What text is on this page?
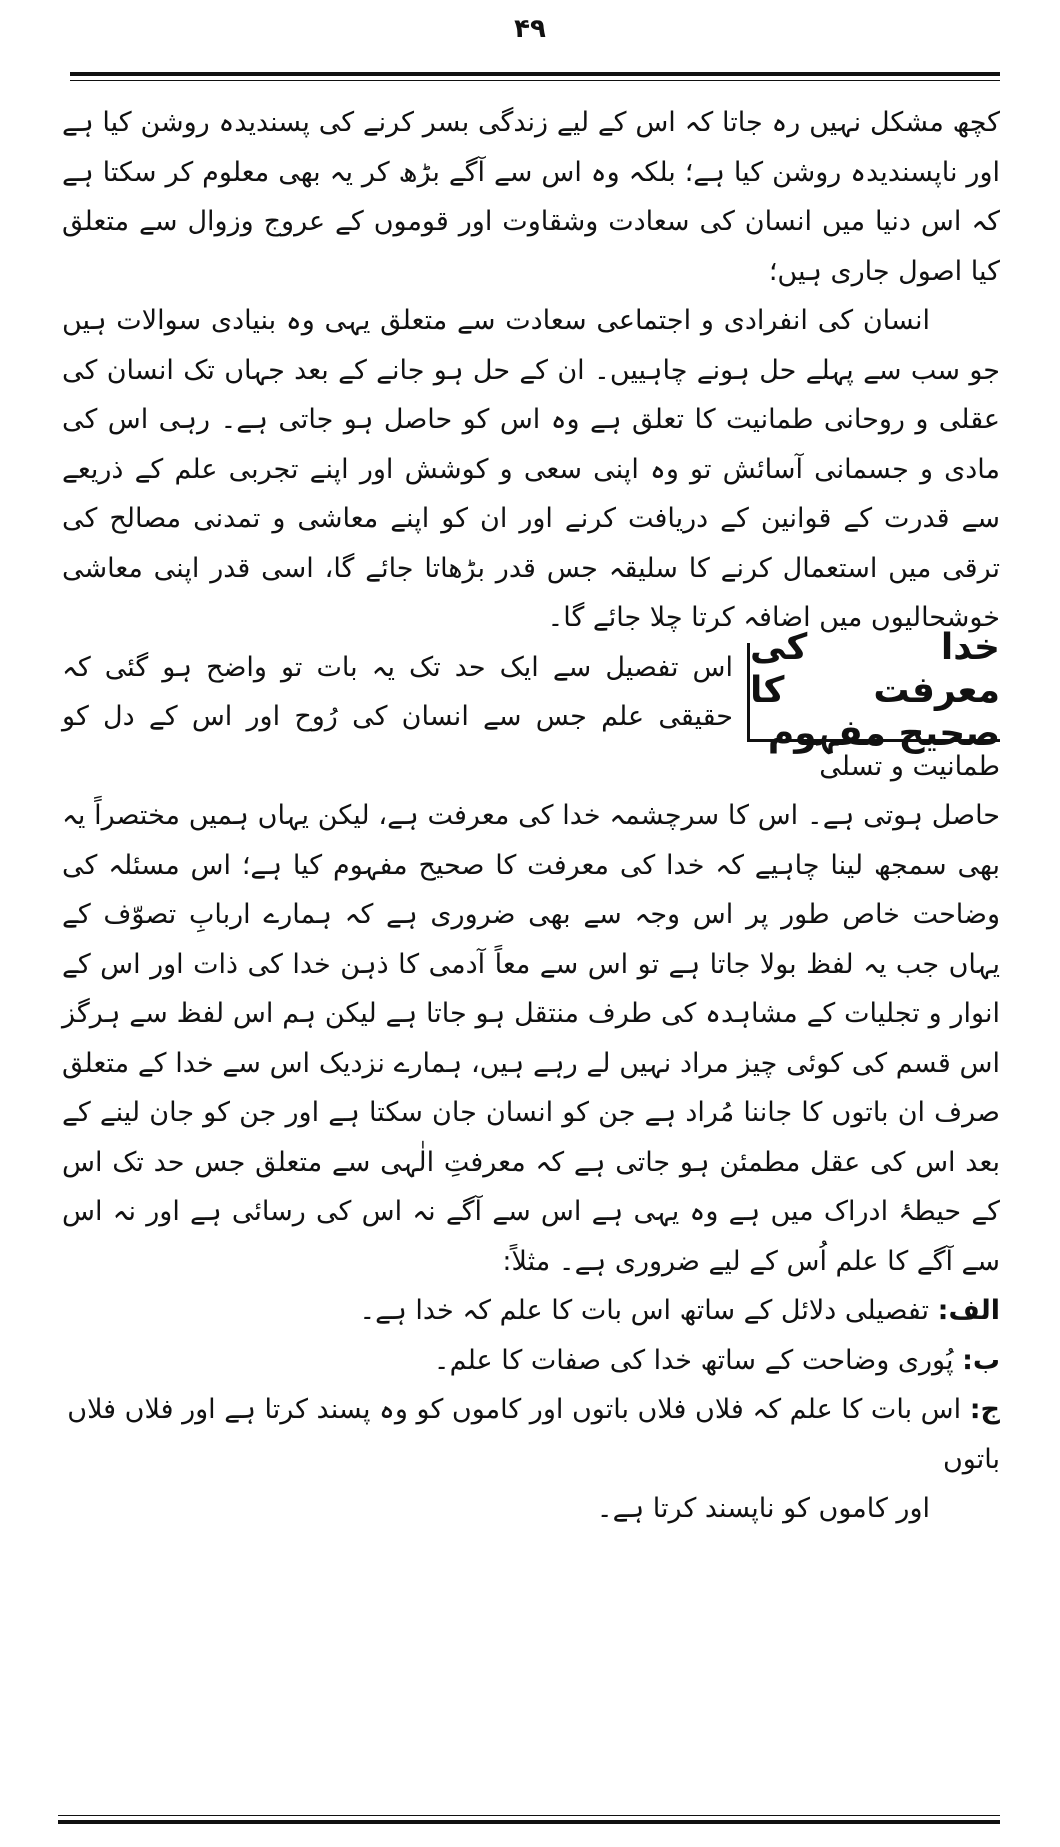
۴۹

کچھ مشکل نہیں رہ جاتا کہ اس کے لیے زندگی بسر کرنے کی پسندیدہ روشن کیا ہے اور ناپسندیدہ روشن کیا ہے؛ بلکہ وہ اس سے آگے بڑھ کر یہ بھی معلوم کر سکتا ہے کہ اس دنیا میں انسان کی سعادت وشقاوت اور قوموں کے عروج وزوال سے متعلق کیا اصول جاری ہیں؛

انسان کی انفرادی و اجتماعی سعادت سے متعلق یہی وہ بنیادی سوالات ہیں جو سب سے پہلے حل ہونے چاہییں۔ ان کے حل ہو جانے کے بعد جہاں تک انسان کی عقلی و روحانی طمانیت کا تعلق ہے وہ اس کو حاصل ہو جاتی ہے۔ رہی اس کی مادی و جسمانی آسائش تو وہ اپنی سعی و کوشش اور اپنے تجربی علم کے ذریعے سے قدرت کے قوانین کے دریافت کرنے اور ان کو اپنے معاشی و تمدنی مصالح کی ترقی میں استعمال کرنے کا سلیقہ جس قدر بڑھاتا جائے گا، اسی قدر اپنی معاشی خوشحالیوں میں اضافہ کرتا چلا جائے گا۔

خدا کی معرفت کا صحیح مفہوم

اس تفصیل سے ایک حد تک یہ بات تو واضح ہو گئی کہ حقیقی علم جس سے انسان کی رُوح اور اس کے دل کو طمانیت و تسلی

حاصل ہوتی ہے۔ اس کا سرچشمہ خدا کی معرفت ہے، لیکن یہاں ہمیں مختصراً یہ بھی سمجھ لینا چاہیے کہ خدا کی معرفت کا صحیح مفہوم کیا ہے؛ اس مسئلہ کی وضاحت خاص طور پر اس وجہ سے بھی ضروری ہے کہ ہمارے اربابِ تصوّف کے یہاں جب یہ لفظ بولا جاتا ہے تو اس سے معاً آدمی کا ذہن خدا کی ذات اور اس کے انوار و تجلیات کے مشاہدہ کی طرف منتقل ہو جاتا ہے لیکن ہم اس لفظ سے ہرگز اس قسم کی کوئی چیز مراد نہیں لے رہے ہیں، ہمارے نزدیک اس سے خدا کے متعلق صرف ان باتوں کا جاننا مُراد ہے جن کو انسان جان سکتا ہے اور جن کو جان لینے کے بعد اس کی عقل مطمئن ہو جاتی ہے کہ معرفتِ الٰہی سے متعلق جس حد تک اس کے حیطۂ ادراک میں ہے وہ یہی ہے اس سے آگے نہ اس کی رسائی ہے اور نہ اس سے آگے کا علم اُس کے لیے ضروری ہے۔ مثلاً:

الف: تفصیلی دلائل کے ساتھ اس بات کا علم کہ خدا ہے۔

ب: پُوری وضاحت کے ساتھ خدا کی صفات کا علم۔

ج: اس بات کا علم کہ فلاں فلاں باتوں اور کاموں کو وہ پسند کرتا ہے اور فلاں فلاں باتوں

اور کاموں کو ناپسند کرتا ہے۔
